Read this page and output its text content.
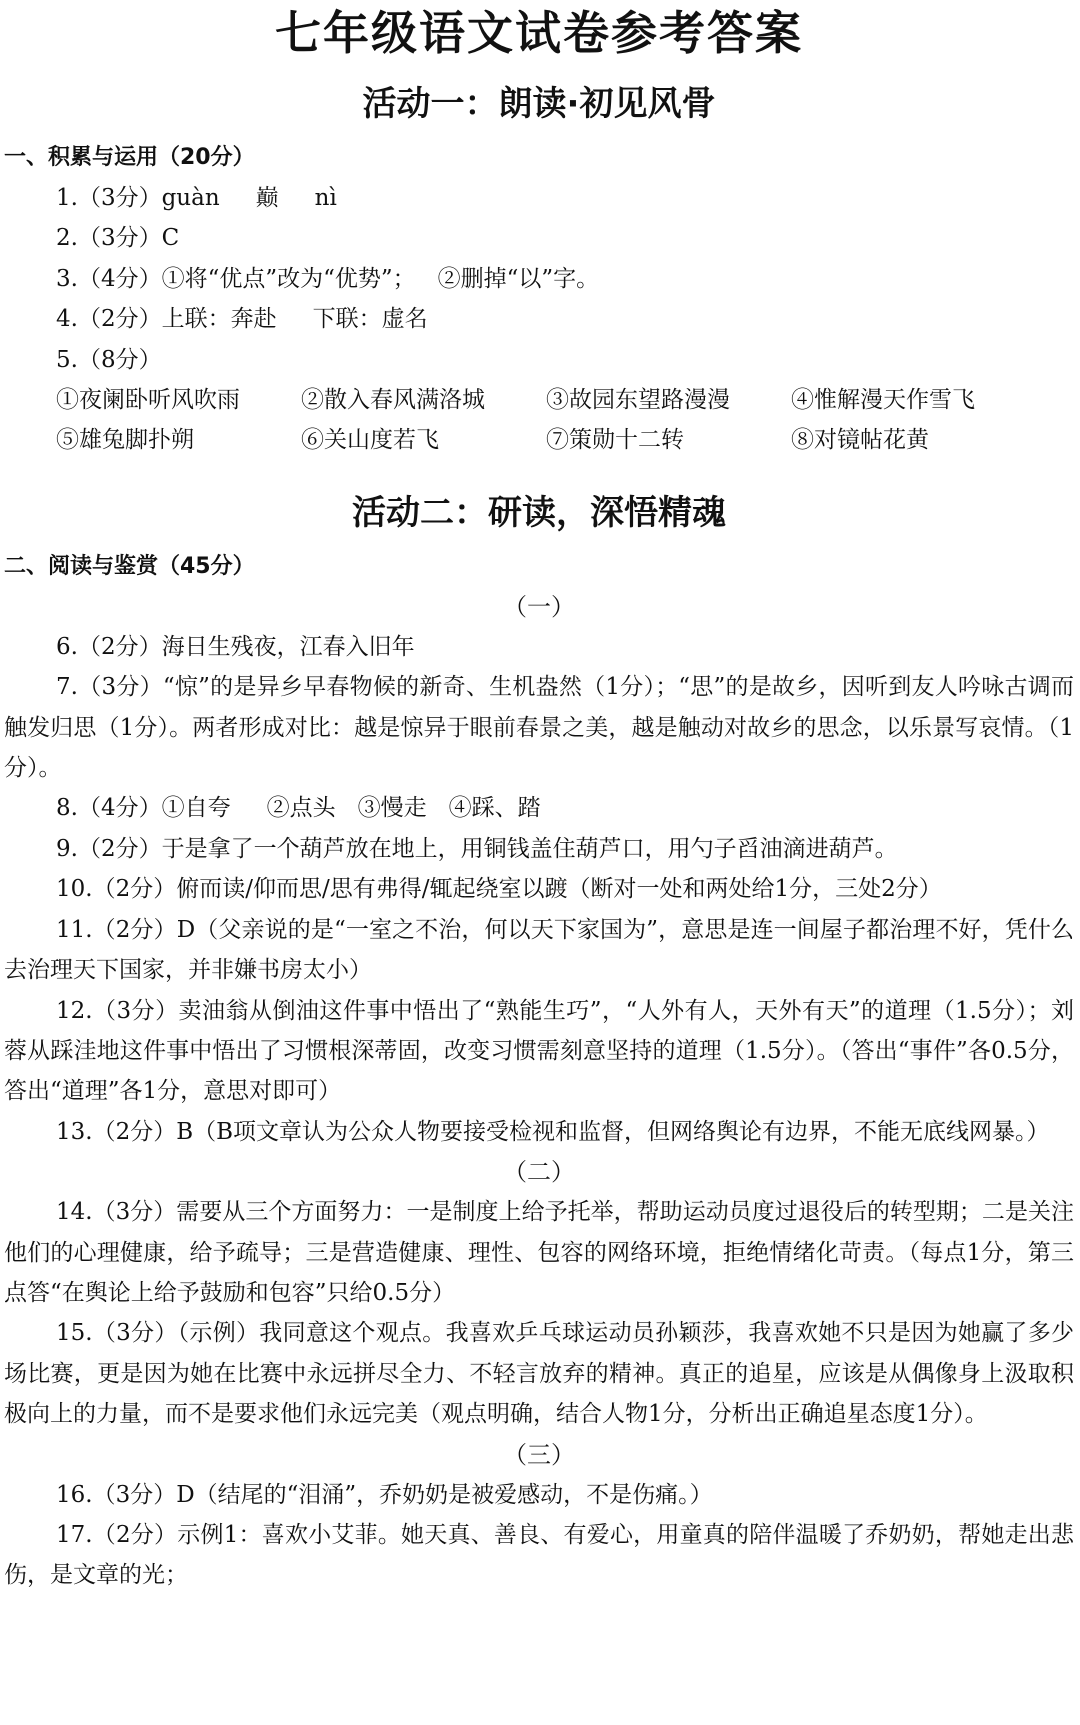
七年级语文试卷参考答案
活动一：朗读·初见风骨

一、积累与运用（20分）

1.（3分）guàn 巅 nì

2.（3分）C

3.（4分）①将“优点”改为“优势”； ②删掉“以”字。

4.（2分）上联：奔赴 下联：虚名

5.（8分）

①夜阑卧听风吹雨	②散入春风满洛城	③故园东望路漫漫	④惟解漫天作雪飞
⑤雄兔脚扑朔	⑥关山度若飞	⑦策勋十二转	⑧对镜帖花黄
活动二：研读，深悟精魂

二、阅读与鉴赏（45分）

（一）

6.（2分）海日生残夜，江春入旧年

7.（3分）“惊”的是异乡早春物候的新奇、生机盎然（1分）；“思”的是故乡，因听到友人吟咏古调而触发归思（1分）。两者形成对比：越是惊异于眼前春景之美，越是触动对故乡的思念，以乐景写哀情。（1分）。

8.（4分）①自夸 ②点头 ③慢走 ④踩、踏

9.（2分）于是拿了一个葫芦放在地上，用铜钱盖住葫芦口，用勺子舀油滴进葫芦。

10.（2分）俯而读/仰而思/思有弗得/辄起绕室以踱（断对一处和两处给1分，三处2分）

11.（2分）D（父亲说的是“一室之不治，何以天下家国为”，意思是连一间屋子都治理不好，凭什么去治理天下国家，并非嫌书房太小）

12.（3分）卖油翁从倒油这件事中悟出了“熟能生巧”，“人外有人，天外有天”的道理（1.5分）；刘蓉从踩洼地这件事中悟出了习惯根深蒂固，改变习惯需刻意坚持的道理（1.5分）。（答出“事件”各0.5分，答出“道理”各1分，意思对即可）

13.（2分）B（B项文章认为公众人物要接受检视和监督，但网络舆论有边界，不能无底线网暴。）

（二）

14.（3分）需要从三个方面努力：一是制度上给予托举，帮助运动员度过退役后的转型期；二是关注他们的心理健康，给予疏导；三是营造健康、理性、包容的网络环境，拒绝情绪化苛责。（每点1分，第三点答“在舆论上给予鼓励和包容”只给0.5分）

15.（3分）（示例）我同意这个观点。我喜欢乒乓球运动员孙颖莎，我喜欢她不只是因为她赢了多少场比赛，更是因为她在比赛中永远拼尽全力、不轻言放弃的精神。真正的追星，应该是从偶像身上汲取积极向上的力量，而不是要求他们永远完美（观点明确，结合人物1分，分析出正确追星态度1分）。

（三）

16.（3分）D（结尾的“泪涌”，乔奶奶是被爱感动，不是伤痛。）

17.（2分）示例1：喜欢小艾菲。她天真、善良、有爱心，用童真的陪伴温暖了乔奶奶，帮她走出悲伤，是文章的光；
